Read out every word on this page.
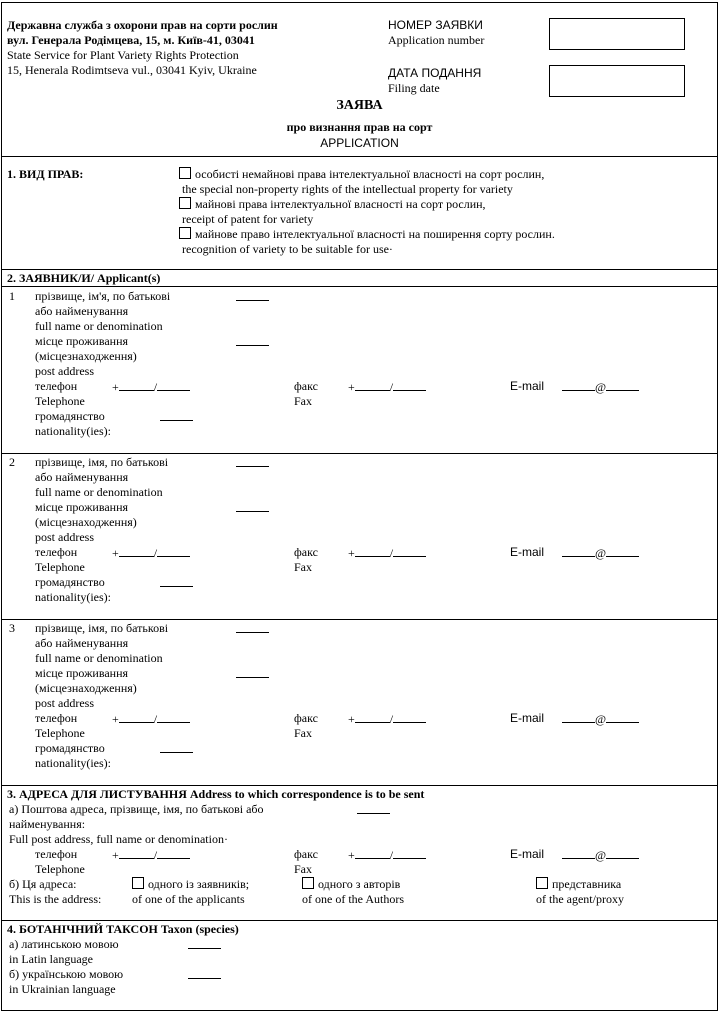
Державна служба з охорони прав на сорти рослин
вул. Генерала Родімцева, 15, м. Київ-41, 03041
State Service for Plant Variety Rights Protection
15, Henerala Rodimtseva vul., 03041 Kyiv, Ukraine
НОМЕР ЗАЯВКИ
Application number
ДАТА ПОДАННЯ
Filing date
ЗАЯВА
про визнання прав на сорт
APPLICATION
1. ВИД ПРАВ:	особисті немайнові права інтелектуальної власності на сорт рослин,
the special non-property rights of the intellectual property for variety
майнові права інтелектуальної власності на сорт рослин,
receipt of patent for variety
майнове право інтелектуальної власності на поширення сорту рослин.
recognition of variety to be suitable for use·
2. ЗАЯВНИК/И/ Applicant(s)
1 прізвище, ім'я, по батькові
або найменування
full name or denomination
місце проживання
(місцезнаходження)
post address
телефон	+	/	факс	+	/	E-mail	@
Telephone	Fax
громадянство
nationality(ies):
2 прізвище, імя, по батькові
або найменування
full name or denomination
місце проживання
(місцезнаходження)
post address
телефон	+	/	факс	+	/	E-mail	@
Telephone	Fax
громадянство
nationality(ies):
3 прізвище, імя, по батькові
або найменування
full name or denomination
місце проживання
(місцезнаходження)
post address
телефон	+	/	факс	+	/	E-mail	@
Telephone	Fax
громадянство
nationality(ies):
3. АДРЕСА ДЛЯ ЛИСТУВАННЯ Address to which correspondence is to be sent
а) Поштова адреса, прізвище, імя, по батькові або
найменування:
Full post address, full name or denomination·
телефон	+	/	факс	+	/	E-mail	@
Telephone	Fax
б) Ця адреса:
This is the address:
одного із заявників;
of one of the applicants
одного з авторів
of one of the Authors
представника
of the agent/proxy
4. БОТАНІЧНИЙ ТАКСОН Taxon (species)
а) латинською мовою
in Latin language
б) українською мовою
in Ukrainian language
